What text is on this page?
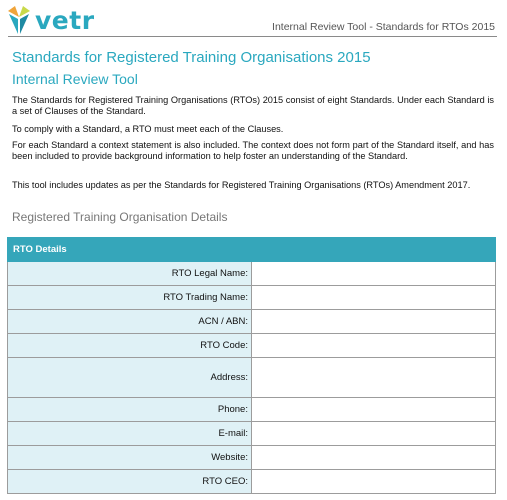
vetr	Internal Review Tool - Standards for RTOs 2015
Standards for Registered Training Organisations 2015
Internal Review Tool
The Standards for Registered Training Organisations (RTOs) 2015 consist of eight Standards. Under each Standard is a set of Clauses of the Standard.
To comply with a Standard, a RTO must meet each of the Clauses.
For each Standard a context statement is also included. The context does not form part of the Standard itself, and has been included to provide background information to help foster an understanding of the Standard.
This tool includes updates as per the Standards for Registered Training Organisations (RTOs) Amendment 2017.
Registered Training Organisation Details
RTO Details	
RTO Legal Name:	
RTO Trading Name:	
ACN / ABN:	
RTO Code:	
Address:	
Phone:	
E-mail:	
Website:	
RTO CEO:	
